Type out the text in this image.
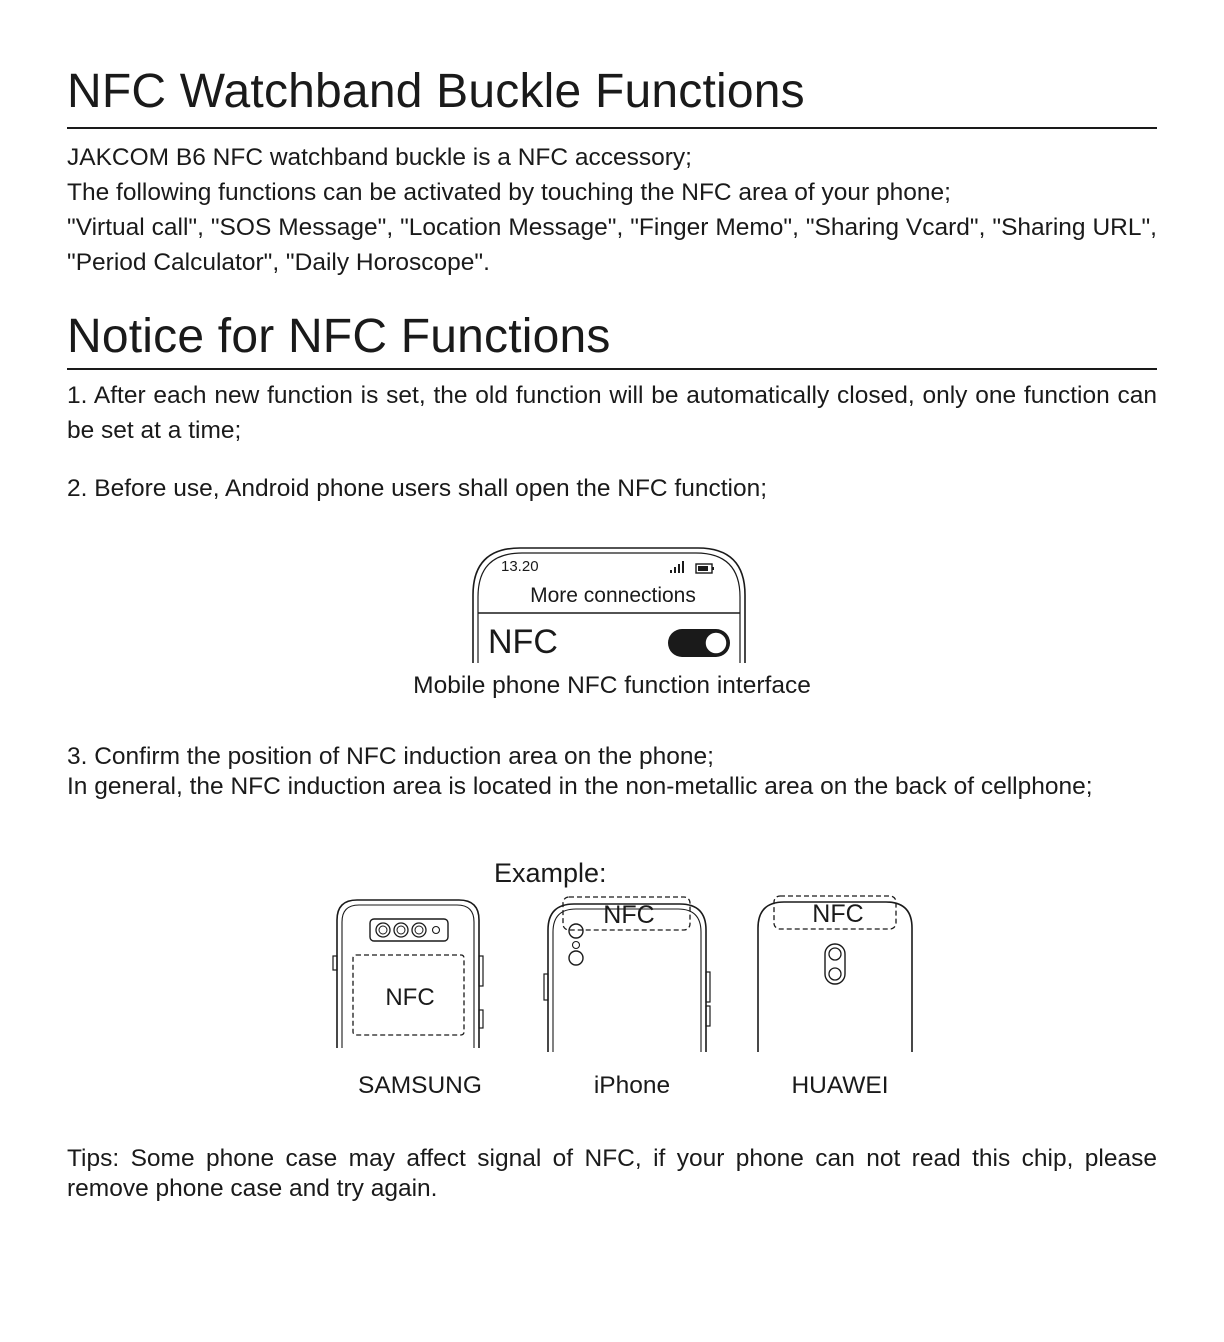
NFC Watchband Buckle Functions

JAKCOM B6 NFC watchband buckle is a NFC accessory;

The following functions can be activated by touching the NFC area of your phone;

"Virtual call", "SOS Message", "Location Message", "Finger Memo", "Sharing Vcard", "Sharing URL", "Period Calculator", "Daily Horoscope".

Notice for NFC Functions

1. After each new function is set, the old function will be automatically closed, only one function can be set at a time;

2. Before use, Android phone users shall open the NFC function;

3. Confirm the position of NFC induction area on the phone;

In general, the NFC induction area is located in the non-metallic area on the back of cellphone;

Tips: Some phone case may affect signal of NFC, if your phone can not read this chip, please remove phone case and try again.

13.20
More connections
NFC
Mobile phone NFC function interface
Example:
NFC
NFC	NFC
SAMSUNG	iPhone	HUAWEI
